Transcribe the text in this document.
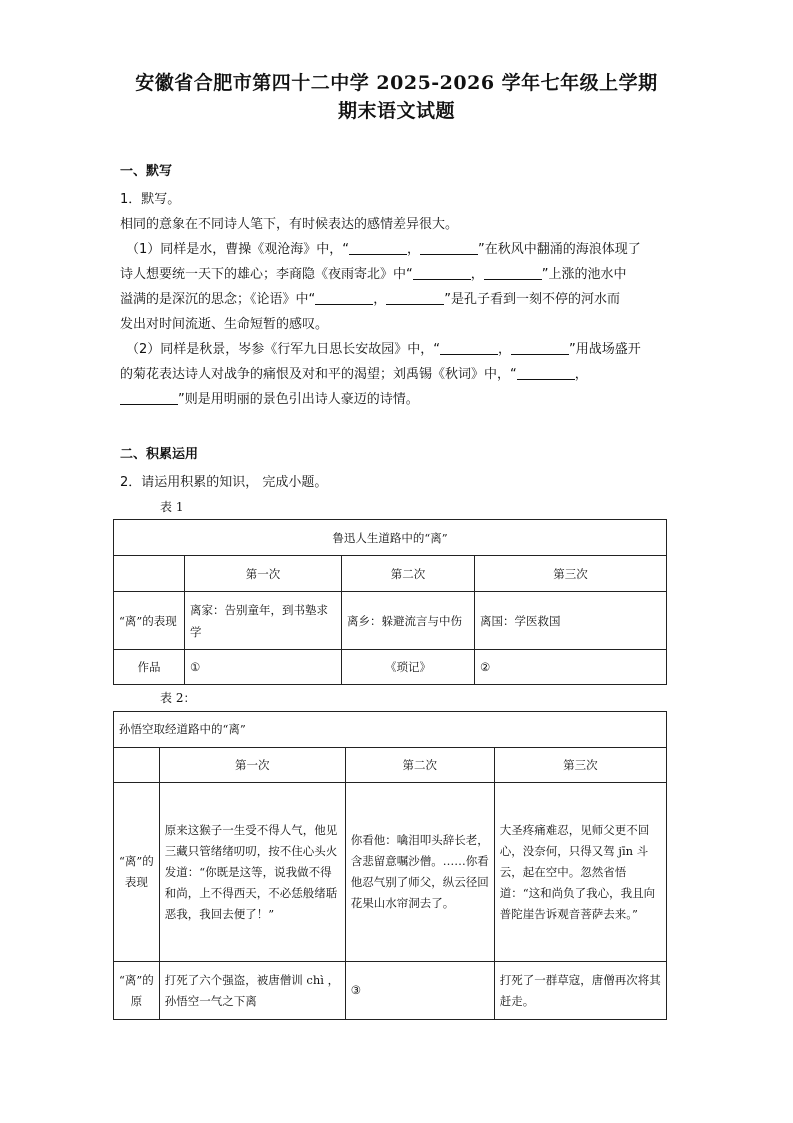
安徽省合肥市第四十二中学 2025-2026 学年七年级上学期
期末语文试题
一、默写
1．默写。
相同的意象在不同诗人笔下，有时候表达的感情差异很大。
（1）同样是水，曹操《观沧海》中，“	，	”在秋风中翻涌的海浪体现了
诗人想要统一天下的雄心；李商隐《夜雨寄北》中“	，	”上涨的池水中
溢满的是深沉的思念；《论语》中“	，	”是孔子看到一刻不停的河水而
发出对时间流逝、生命短暂的感叹。
（2）同样是秋景，岑参《行军九日思长安故园》中，“	，	”用战场盛开
的菊花表达诗人对战争的痛恨及对和平的渴望；刘禹锡《秋词》中，“	，
”则是用明丽的景色引出诗人豪迈的诗情。
二、积累运用
2．请运用积累的知识， 完成小题。
表 1
鲁迅人生道路中的“离”			
	第一次	第二次	第三次
“离”的表现	离家：告别童年，到书塾求学	离乡：躲避流言与中伤	离国：学医救国
作品	①	《琐记》	②
表 2：
孙悟空取经道路中的“离”			
	第一次	第二次	第三次
“离”的表现	原来这猴子一生受不得人气，他见三藏只管绪绪叨叨，按不住心头火发道：“你既是这等，说我做不得和尚，上不得西天，不必恁般绪聒恶我，我回去便了！”	你看他：噙泪叩头辞长老，含悲留意嘱沙僧。……你看他忍气别了师父，纵云径回花果山水帘洞去了。	大圣疼痛难忍，见师父更不回心，没奈何，只得又驾 jīn 斗云，起在空中。忽然省悟道：“这和尚负了我心，我且向普陀崖告诉观音菩萨去来。”
“离”的原	打死了六个强盗，被唐僧训 chì ，孙悟空一气之下离	③	打死了一群草寇，唐僧再次将其赶走。
